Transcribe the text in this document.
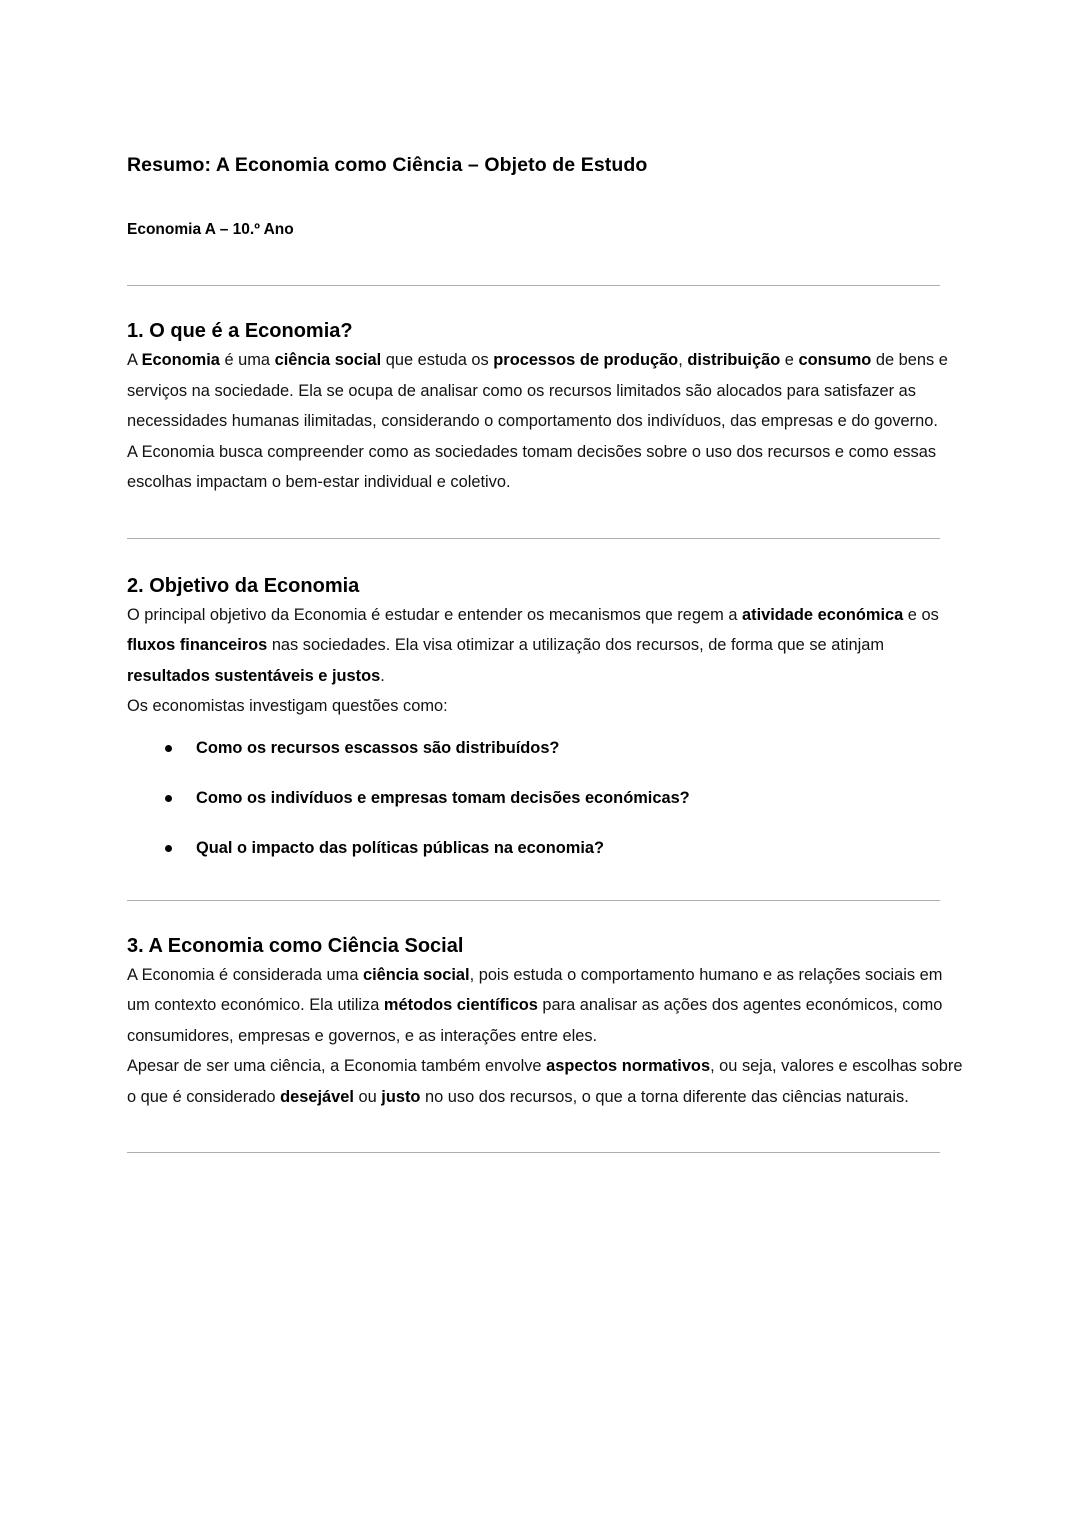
Resumo: A Economia como Ciência – Objeto de Estudo
Economia A – 10.º Ano
1. O que é a Economia?

A Economia é uma ciência social que estuda os processos de produção, distribuição e consumo de bens e serviços na sociedade. Ela se ocupa de analisar como os recursos limitados são alocados para satisfazer as necessidades humanas ilimitadas, considerando o comportamento dos indivíduos, das empresas e do governo.

A Economia busca compreender como as sociedades tomam decisões sobre o uso dos recursos e como essas escolhas impactam o bem-estar individual e coletivo.

2. Objetivo da Economia

O principal objetivo da Economia é estudar e entender os mecanismos que regem a atividade económica e os fluxos financeiros nas sociedades. Ela visa otimizar a utilização dos recursos, de forma que se atinjam resultados sustentáveis e justos.

Os economistas investigam questões como:

Como os recursos escassos são distribuídos?
Como os indivíduos e empresas tomam decisões económicas?
Qual o impacto das políticas públicas na economia?
3. A Economia como Ciência Social

A Economia é considerada uma ciência social, pois estuda o comportamento humano e as relações sociais em um contexto económico. Ela utiliza métodos científicos para analisar as ações dos agentes económicos, como consumidores, empresas e governos, e as interações entre eles.

Apesar de ser uma ciência, a Economia também envolve aspectos normativos, ou seja, valores e escolhas sobre o que é considerado desejável ou justo no uso dos recursos, o que a torna diferente das ciências naturais.
